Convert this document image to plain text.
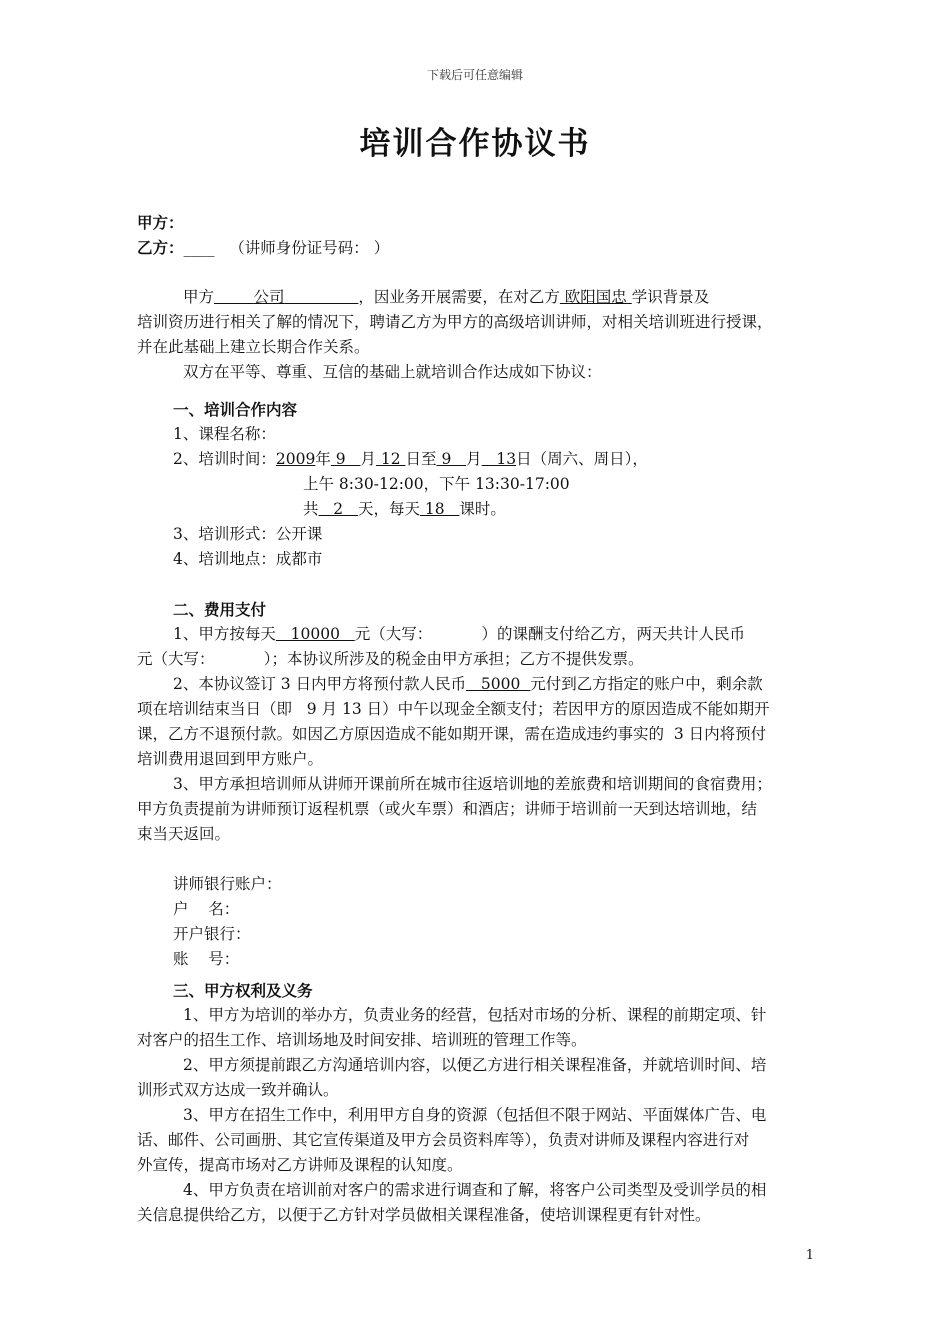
下载后可任意编辑
培训合作协议书
甲方：
乙方：____ （讲师身份证号码： ）
甲方	公司	，因业务开展需要，在对乙方 欧阳国忠 学识背景及
培训资历进行相关了解的情况下，聘请乙方为甲方的高级培训讲师，对相关培训班进行授课，
并在此基础上建立长期合作关系。
双方在平等、尊重、互信的基础上就培训合作达成如下协议：
一、培训合作内容
1、课程名称：
2、培训时间：2009年 9   月 12 日至 9   月   13日（周六、周日），
上午 8:30-12:00，下午 13:30-17:00
共   2   天，每天 18   课时。
3、培训形式：公开课
4、培训地点：成都市
二、费用支付
1、甲方按每天   10000   元（大写：          ）的课酬支付给乙方，两天共计人民币
元（大写：          ）；本协议所涉及的税金由甲方承担；乙方不提供发票。
2、本协议签订 3 日内甲方将预付款人民币   5000  元付到乙方指定的账户中，剩余款
项在培训结束当日（即   9 月 13 日）中午以现金全额支付；若因甲方的原因造成不能如期开
课，乙方不退预付款。如因乙方原因造成不能如期开课，需在造成违约事实的  3 日内将预付
培训费用退回到甲方账户。
3、甲方承担培训师从讲师开课前所在城市往返培训地的差旅费和培训期间的食宿费用；
甲方负责提前为讲师预订返程机票（或火车票）和酒店；讲师于培训前一天到达培训地，结
束当天返回。
讲师银行账户：
户    名：
开户银行：
账    号：
三、甲方权利及义务
1、甲方为培训的举办方，负责业务的经营，包括对市场的分析、课程的前期定项、针
对客户的招生工作、培训场地及时间安排、培训班的管理工作等。
2、甲方须提前跟乙方沟通培训内容，以便乙方进行相关课程准备，并就培训时间、培
训形式双方达成一致并确认。
3、甲方在招生工作中，利用甲方自身的资源（包括但不限于网站、平面媒体广告、电
话、邮件、公司画册、其它宣传渠道及甲方会员资料库等），负责对讲师及课程内容进行对
外宣传，提高市场对乙方讲师及课程的认知度。
4、甲方负责在培训前对客户的需求进行调查和了解，将客户公司类型及受训学员的相
关信息提供给乙方，以便于乙方针对学员做相关课程准备，使培训课程更有针对性。
1
